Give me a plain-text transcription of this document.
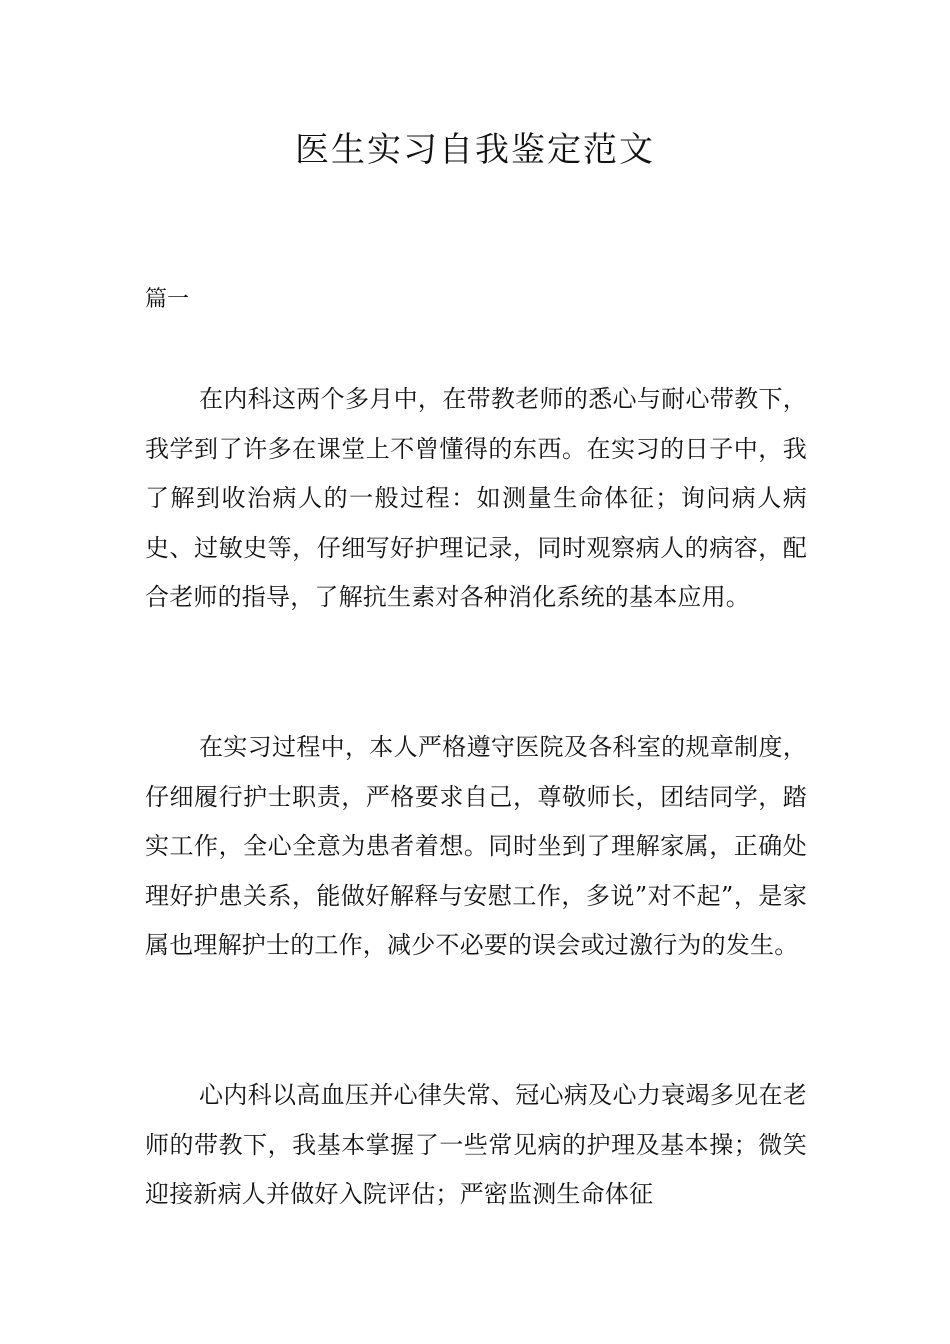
医生实习自我鉴定范文
篇一

在内科这两个多月中，在带教老师的悉心与耐心带教下，我学到了许多在课堂上不曾懂得的东西。在实习的日子中，我了解到收治病人的一般过程：如测量生命体征；询问病人病史、过敏史等，仔细写好护理记录，同时观察病人的病容，配合老师的指导，了解抗生素对各种消化系统的基本应用。

在实习过程中，本人严格遵守医院及各科室的规章制度，仔细履行护士职责，严格要求自己，尊敬师长，团结同学，踏实工作，全心全意为患者着想。同时坐到了理解家属，正确处理好护患关系，能做好解释与安慰工作，多说”对不起”，是家属也理解护士的工作，减少不必要的误会或过激行为的发生。

心内科以高血压并心律失常、冠心病及心力衰竭多见在老师的带教下，我基本掌握了一些常见病的护理及基本操；微笑迎接新病人并做好入院评估；严密监测生命体征
